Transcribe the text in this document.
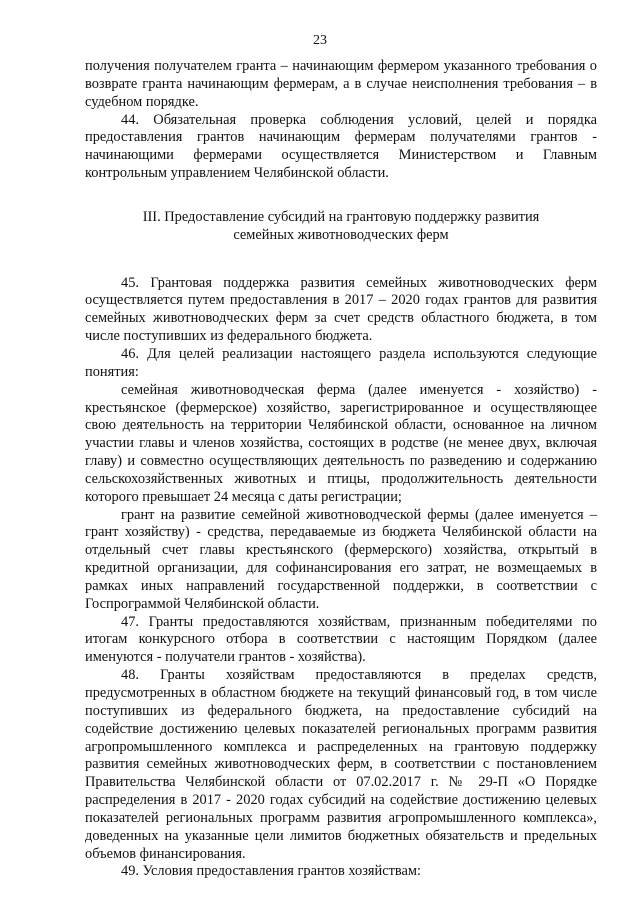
23

получения получателем гранта – начинающим фермером указанного требования о возврате гранта начинающим фермерам, а в случае неисполнения требования – в судебном порядке.

44. Обязательная проверка соблюдения условий, целей и порядка предоставления грантов начинающим фермерам получателями грантов - начинающими фермерами осуществляется Министерством и Главным контрольным управлением Челябинской области.

III. Предоставление субсидий на грантовую поддержку развития семейных животноводческих ферм

45. Грантовая поддержка развития семейных животноводческих ферм осуществляется путем предоставления в 2017 – 2020 годах грантов для развития семейных животноводческих ферм за счет средств областного бюджета, в том числе поступивших из федерального бюджета.

46. Для целей реализации настоящего раздела используются следующие понятия:

семейная животноводческая ферма (далее именуется - хозяйство) - крестьянское (фермерское) хозяйство, зарегистрированное и осуществляющее свою деятельность на территории Челябинской области, основанное на личном участии главы и членов хозяйства, состоящих в родстве (не менее двух, включая главу) и совместно осуществляющих деятельность по разведению и содержанию сельскохозяйственных животных и птицы, продолжительность деятельности которого превышает 24 месяца с даты регистрации;

грант на развитие семейной животноводческой фермы (далее именуется – грант хозяйству) - средства, передаваемые из бюджета Челябинской области на отдельный счет главы крестьянского (фермерского) хозяйства, открытый в кредитной организации, для софинансирования его затрат, не возмещаемых в рамках иных направлений государственной поддержки, в соответствии с Госпрограммой Челябинской области.

47. Гранты предоставляются хозяйствам, признанным победителями по итогам конкурсного отбора в соответствии с настоящим Порядком (далее именуются - получатели грантов - хозяйства).

48. Гранты хозяйствам предоставляются в пределах средств, предусмотренных в областном бюджете на текущий финансовый год, в том числе поступивших из федерального бюджета, на предоставление субсидий на содействие достижению целевых показателей региональных программ развития агропромышленного комплекса и распределенных на грантовую поддержку развития семейных животноводческих ферм, в соответствии с постановлением Правительства Челябинской области от 07.02.2017 г. № 29-П «О Порядке распределения в 2017 - 2020 годах субсидий на содействие достижению целевых показателей региональных программ развития агропромышленного комплекса», доведенных на указанные цели лимитов бюджетных обязательств и предельных объемов финансирования.

49. Условия предоставления грантов хозяйствам:
